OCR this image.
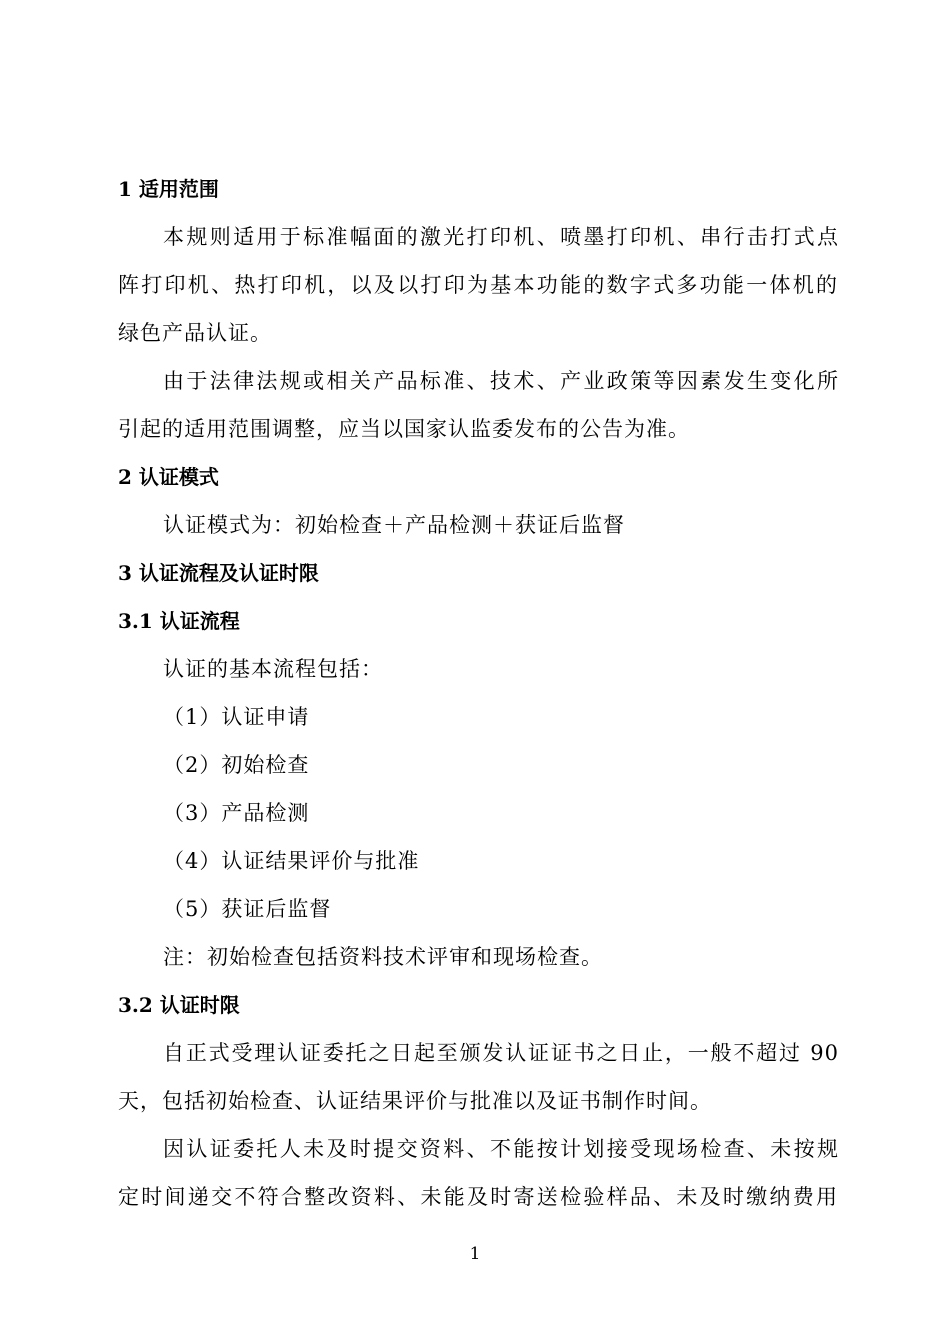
1 适用范围
本规则适用于标准幅面的激光打印机、喷墨打印机、串行击打式点
阵打印机、热打印机，以及以打印为基本功能的数字式多功能一体机的
绿色产品认证。
由于法律法规或相关产品标准、技术、产业政策等因素发生变化所
引起的适用范围调整，应当以国家认监委发布的公告为准。
2 认证模式
认证模式为：初始检查＋产品检测＋获证后监督
3 认证流程及认证时限
3.1 认证流程
认证的基本流程包括：
（1）认证申请
（2）初始检查
（3）产品检测
（4）认证结果评价与批准
（5）获证后监督
注：初始检查包括资料技术评审和现场检查。
3.2 认证时限
自正式受理认证委托之日起至颁发认证证书之日止，一般不超过 90
天，包括初始检查、认证结果评价与批准以及证书制作时间。
因认证委托人未及时提交资料、不能按计划接受现场检查、未按规
定时间递交不符合整改资料、未能及时寄送检验样品、未及时缴纳费用
1
